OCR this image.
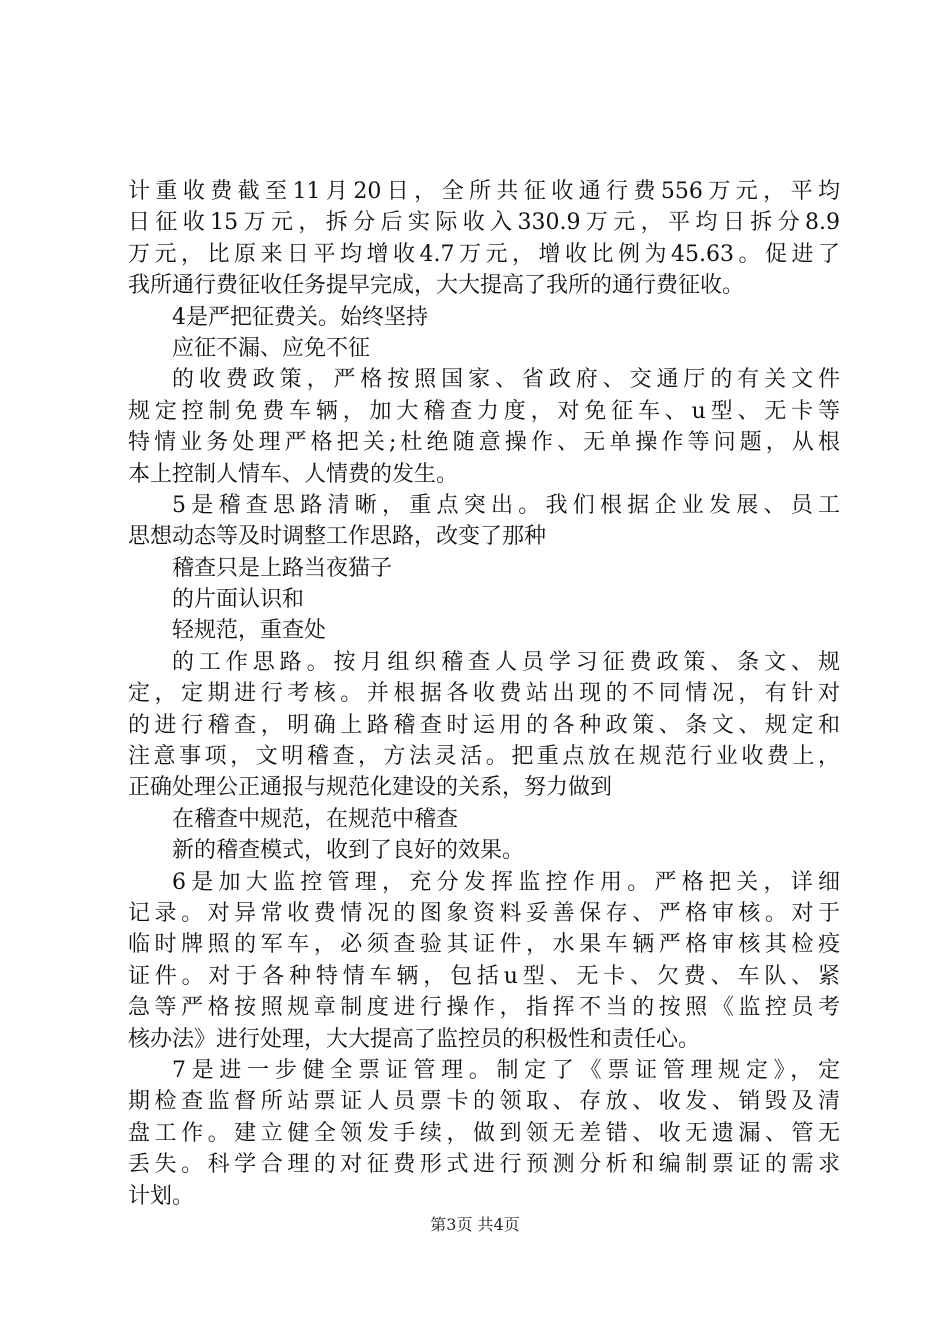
计重收费截至11月20日，全所共征收通行费556万元，平均
日征收15万元，拆分后实际收入330.9万元，平均日拆分8.9
万元，比原来日平均增收4.7万元，增收比例为45.63。促进了
我所通行费征收任务提早完成，大大提高了我所的通行费征收。
4是严把征费关。始终坚持
应征不漏、应免不征
的收费政策，严格按照国家、省政府、交通厅的有关文件
规定控制免费车辆，加大稽查力度，对免征车、u型、无卡等
特情业务处理严格把关;杜绝随意操作、无单操作等问题，从根
本上控制人情车、人情费的发生。
5是稽查思路清晰，重点突出。我们根据企业发展、员工
思想动态等及时调整工作思路，改变了那种
稽查只是上路当夜猫子
的片面认识和
轻规范，重查处
的工作思路。按月组织稽查人员学习征费政策、条文、规
定，定期进行考核。并根据各收费站出现的不同情况，有针对
的进行稽查，明确上路稽查时运用的各种政策、条文、规定和
注意事项，文明稽查，方法灵活。把重点放在规范行业收费上，
正确处理公正通报与规范化建设的关系，努力做到
在稽查中规范，在规范中稽查
新的稽查模式，收到了良好的效果。
6是加大监控管理，充分发挥监控作用。严格把关，详细
记录。对异常收费情况的图象资料妥善保存、严格审核。对于
临时牌照的军车，必须查验其证件，水果车辆严格审核其检疫
证件。对于各种特情车辆，包括u型、无卡、欠费、车队、紧
急等严格按照规章制度进行操作，指挥不当的按照《监控员考
核办法》进行处理，大大提高了监控员的积极性和责任心。
7是进一步健全票证管理。制定了《票证管理规定》，定
期检查监督所站票证人员票卡的领取、存放、收发、销毁及清
盘工作。建立健全领发手续，做到领无差错、收无遗漏、管无
丢失。科学合理的对征费形式进行预测分析和编制票证的需求
计划。
第3页 共4页
